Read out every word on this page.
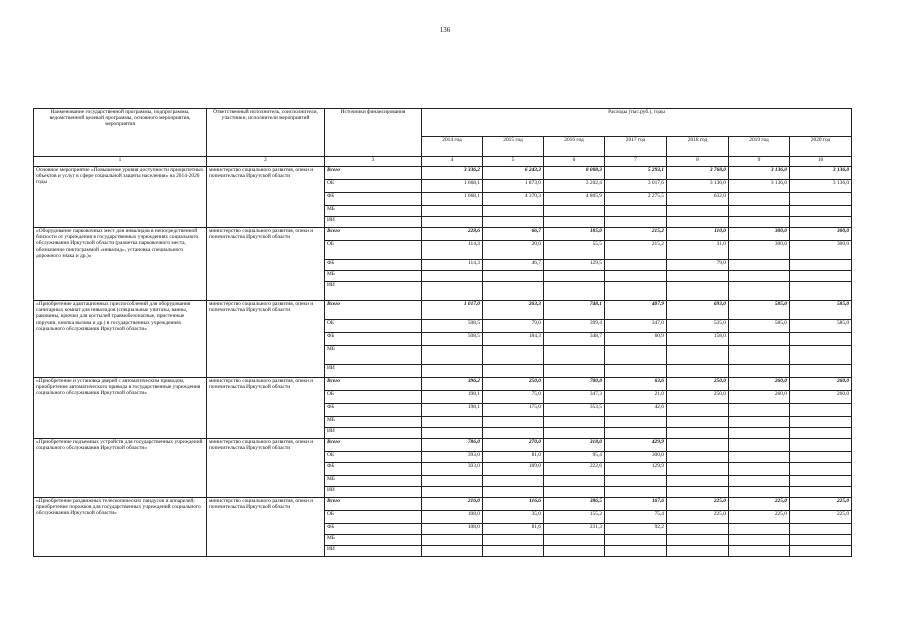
136
Наименование государственной программы, подпрограммы, ведомственной целевой программы, основного мероприятия, мероприятия	Ответственный исполнитель, соисполнители, участники, исполнители мероприятий	Источники финансирования	Расходы (тыс.руб.), годы						
			2014 год	2015 год	2016 год	2017 год	2018 год	2019 год	2020 год
1	2	3	4	5	6	7	8	9	10
Основное мероприятие «Повышение уровня доступности приоритетных объектов и услуг в сфере социальной защиты населения» на 2014-2020 годы	министерство социального развития, опеки и попечительства Иркутской области	Всего	3 336,2	6 243,3	8 008,3	5 293,1	3 768,0	3 136,0	3 136,0
		ОБ	1 668,1	1 873,0	3 202,4	3 017,6	3 136,0	3 136,0	3 136,0
		ФБ	1 668,1	4 370,3	4 805,9	2 275,5	632,0		
		МБ							
		ИИ							
«Оборудование парковочных мест для инвалидов в непосредственной близости от учреждения в государственных учреждениях социального обслуживания Иркутской области (разметка парковочного места, обозначение пиктограммой «инвалид», установка специального дорожного знака и др.)»	министерство социального развития, опеки и попечительства Иркутской области	Всего	228,6	66,7	185,0	215,2	110,0	300,0	300,0
		ОБ	114,3	20,0	55,5	215,2	31,0	300,0	300,0
		ФБ	114,3	46,7	129,5		79,0		
		МБ							
		ИИ							
«Приобретение адаптационных приспособлений для оборудования санитарных комнат для инвалидов (специальные унитазы, ванны, раковины, крючки для костылей травмобезопасные, пристенные поручни, кнопка вызова и др.) в государственных учреждениях социального обслуживания Иркутской области»	министерство социального развития, опеки и попечительства Иркутской области	Всего	1 017,0	263,3	748,1	407,9	693,0	585,0	585,0
		ОБ	508,5	79,0	399,4	347,0	535,0	585,0	585,0
		ФБ	508,5	184,3	348,7	60,9	158,0		
		МБ							
		ИИ							
«Приобретение и установка дверей с автоматическим приводом, приобретение автоматического привода в государственные учреждения социального обслуживания Иркутской области»	министерство социального развития, опеки и попечительства Иркутской области	Всего	396,2	250,0	700,8	63,6	250,0	260,0	260,0
		ОБ	198,1	75,0	347,3	21,0	250,0	260,0	260,0
		ФБ	198,1	175,0	353,5	42,6			
		МБ							
		ИИ							
«Приобретение подъемных устройств для государственных учреждений социального обслуживания Иркутской области»	министерство социального развития, опеки и попечительства Иркутской области	Всего	786,0	270,0	318,0	429,9			
		ОБ	393,0	81,0	95,4	300,0			
		ФБ	393,0	189,0	222,6	129,9			
		МБ							
		ИИ							
«Приобретение раздвижных телескопических пандусов и аппарелей; приобретение порожков для государственных учреждений социального обслуживания Иркутской области»	министерство социального развития, опеки и попечительства Иркутской области	Всего	216,0	116,6	386,5	167,6	225,0	225,0	225,0
		ОБ	108,0	35,0	155,2	75,4	225,0	225,0	225,0
		ФБ	108,0	81,6	231,3	92,2			
		МБ							
		ИИ							
